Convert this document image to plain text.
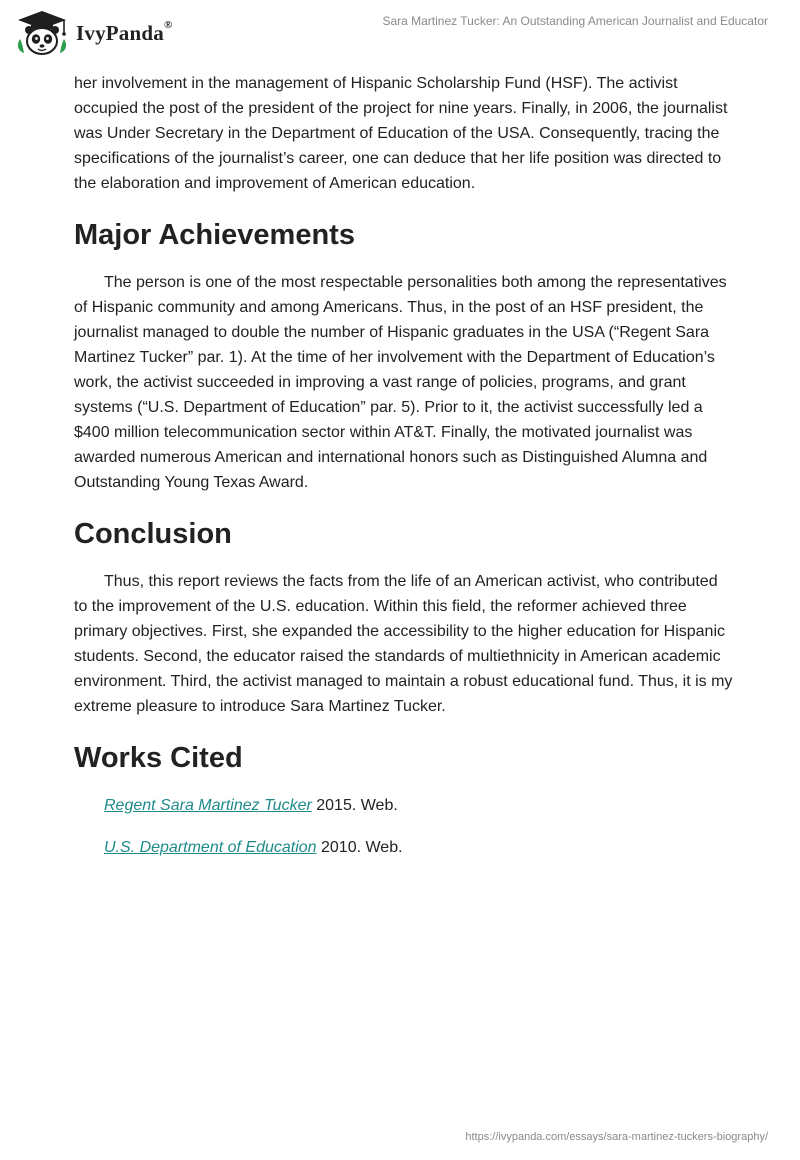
IvyPanda®	Sara Martinez Tucker: An Outstanding American Journalist and Educator

her involvement in the management of Hispanic Scholarship Fund (HSF). The activist occupied the post of the president of the project for nine years. Finally, in 2006, the journalist was Under Secretary in the Department of Education of the USA. Consequently, tracing the specifications of the journalist’s career, one can deduce that her life position was directed to the elaboration and improvement of American education.

Major Achievements

The person is one of the most respectable personalities both among the representatives of Hispanic community and among Americans. Thus, in the post of an HSF president, the journalist managed to double the number of Hispanic graduates in the USA (“Regent Sara Martinez Tucker” par. 1). At the time of her involvement with the Department of Education’s work, the activist succeeded in improving a vast range of policies, programs, and grant systems (“U.S. Department of Education” par. 5). Prior to it, the activist successfully led a $400 million telecommunication sector within AT&T. Finally, the motivated journalist was awarded numerous American and international honors such as Distinguished Alumna and Outstanding Young Texas Award.

Conclusion

Thus, this report reviews the facts from the life of an American activist, who contributed to the improvement of the U.S. education. Within this field, the reformer achieved three primary objectives. First, she expanded the accessibility to the higher education for Hispanic students. Second, the educator raised the standards of multiethnicity in American academic environment. Third, the activist managed to maintain a robust educational fund. Thus, it is my extreme pleasure to introduce Sara Martinez Tucker.

Works Cited
Regent Sara Martinez Tucker 2015. Web.
U.S. Department of Education 2010. Web.
https://ivypanda.com/essays/sara-martinez-tuckers-biography/
